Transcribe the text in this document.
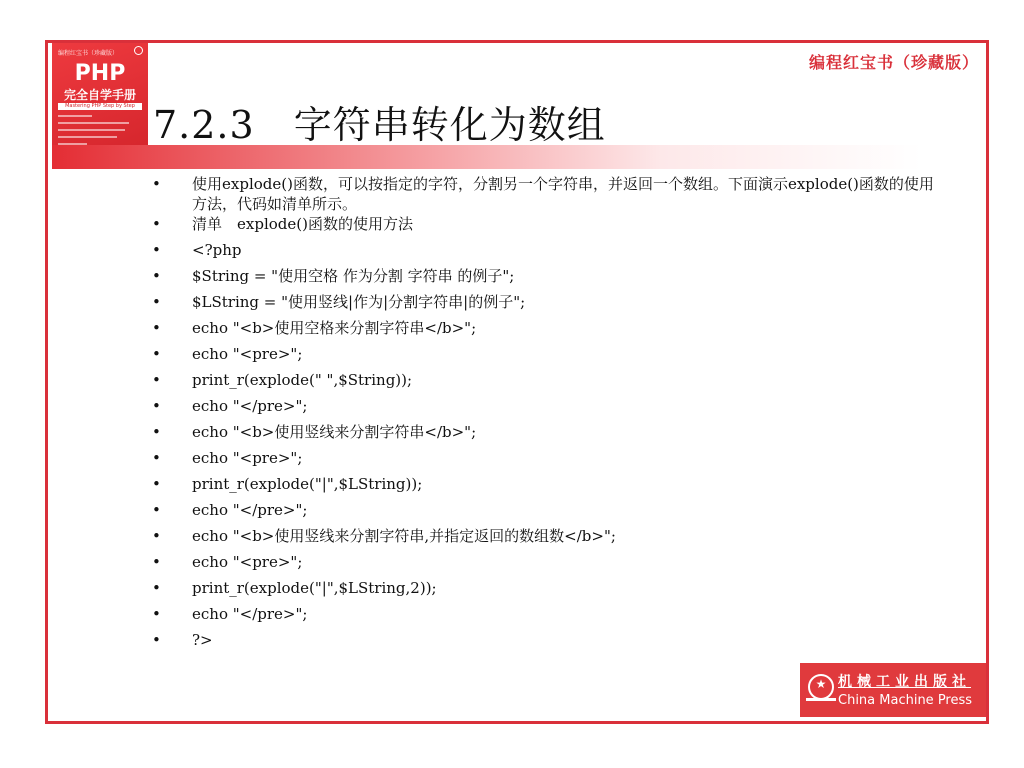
编程红宝书（珍藏版）
编程红宝书（珍藏版）
PHP
完全自学手册
Mastering PHP Step by Step 7.2.3　字符串转化为数组
• 使用explode()函数，可以按指定的字符，分割另一个字符串，并返回一个数组。下面演示explode()函数的使用方法，代码如清单所示。
• 清单　explode()函数的使用方法
• <?php
• $String = "使用空格 作为分割 字符串 的例子";
• $LString = "使用竖线|作为|分割字符串|的例子";
• echo "<b>使用空格来分割字符串</b>";
• echo "<pre>";
• print_r(explode(" ",$String));
• echo "</pre>";
• echo "<b>使用竖线来分割字符串</b>";
• echo "<pre>";
• print_r(explode("|",$LString));
• echo "</pre>";
• echo "<b>使用竖线来分割字符串,并指定返回的数组数</b>";
• echo "<pre>";
• print_r(explode("|",$LString,2));
• echo "</pre>";
• ?>
★ 机械工业出版社
China Machine Press
